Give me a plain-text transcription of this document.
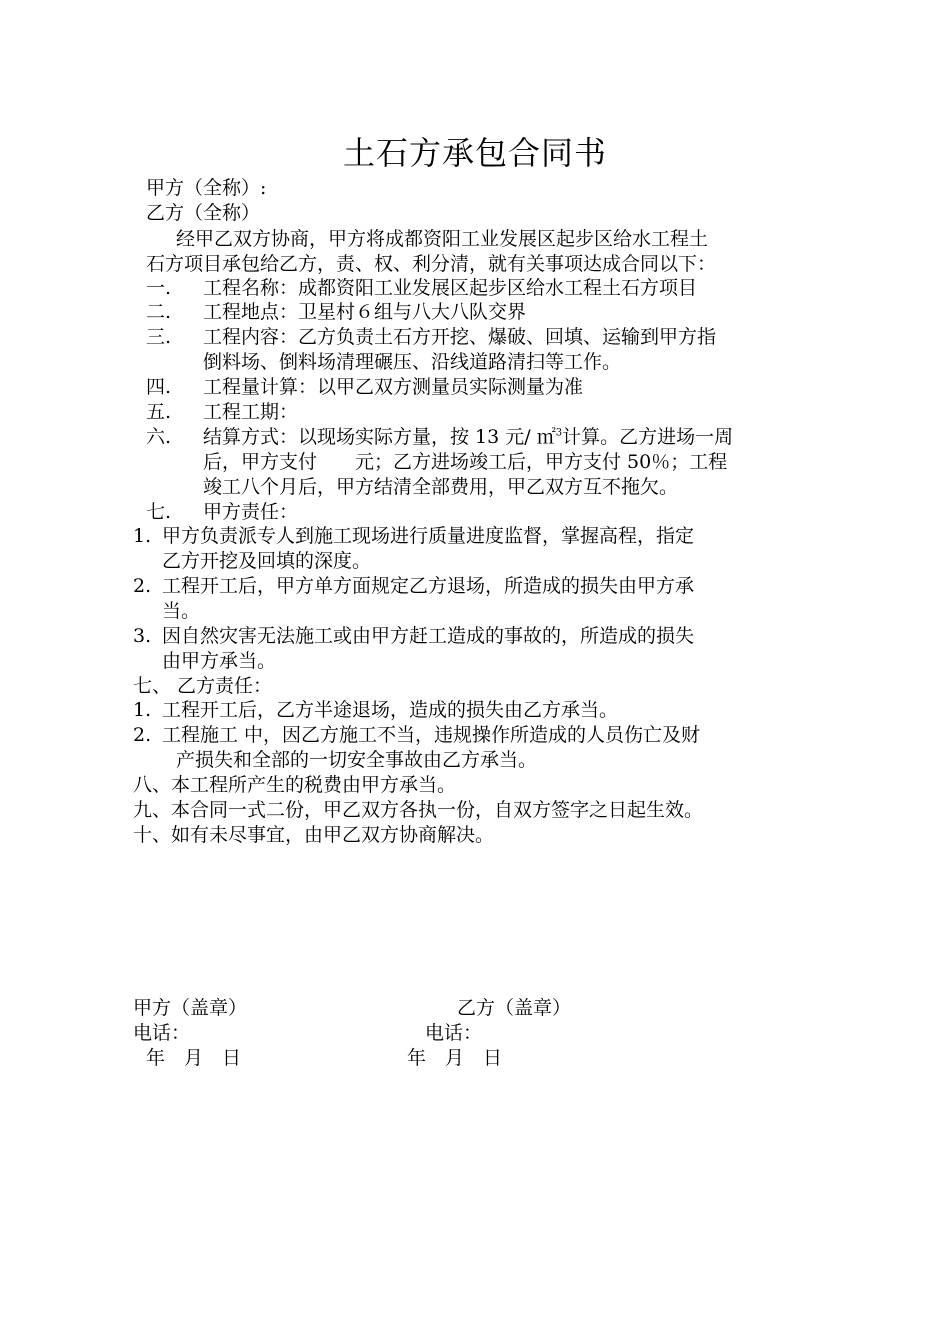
土石方承包合同书
甲方（全称）:
乙方（全称）
经甲乙双方协商，甲方将成都资阳工业发展区起步区给水工程土
石方项目承包给乙方，责、权、利分清，就有关事项达成合同以下：
一. 工程名称：成都资阳工业发展区起步区给水工程土石方项目
二. 工程地点：卫星村６组与八大八队交界
三. 工程内容：乙方负责土石方开挖、爆破、回填、运输到甲方指
倒料场、倒料场清理碾压、沿线道路清扫等工作。
四. 工程量计算：以甲乙双方测量员实际测量为准
五. 工程工期：
六. 结算方式：以现场实际方量，按 13 元/ ㎡$^3$计算。乙方进场一周
后，甲方支付　　元；乙方进场竣工后，甲方支付 50％；工程
竣工八个月后，甲方结清全部费用，甲乙双方互不拖欠。
七. 甲方责任：
1. 甲方负责派专人到施工现场进行质量进度监督，掌握高程，指定
乙方开挖及回填的深度。
2. 工程开工后，甲方单方面规定乙方退场，所造成的损失由甲方承
当。
3. 因自然灾害无法施工或由甲方赶工造成的事故的，所造成的损失
由甲方承当。
七、 乙方责任：
1. 工程开工后，乙方半途退场，造成的损失由乙方承当。
2. 工程施工 中，因乙方施工不当，违规操作所造成的人员伤亡及财
产损失和全部的一切安全事故由乙方承当。
八、本工程所产生的税费由甲方承当。
九、本合同一式二份，甲乙双方各执一份，自双方签字之日起生效。
十、如有未尽事宜，由甲乙双方协商解决。
甲方（盖章）	乙方（盖章）
电话：	电话：
年　月　日	年　月　日
